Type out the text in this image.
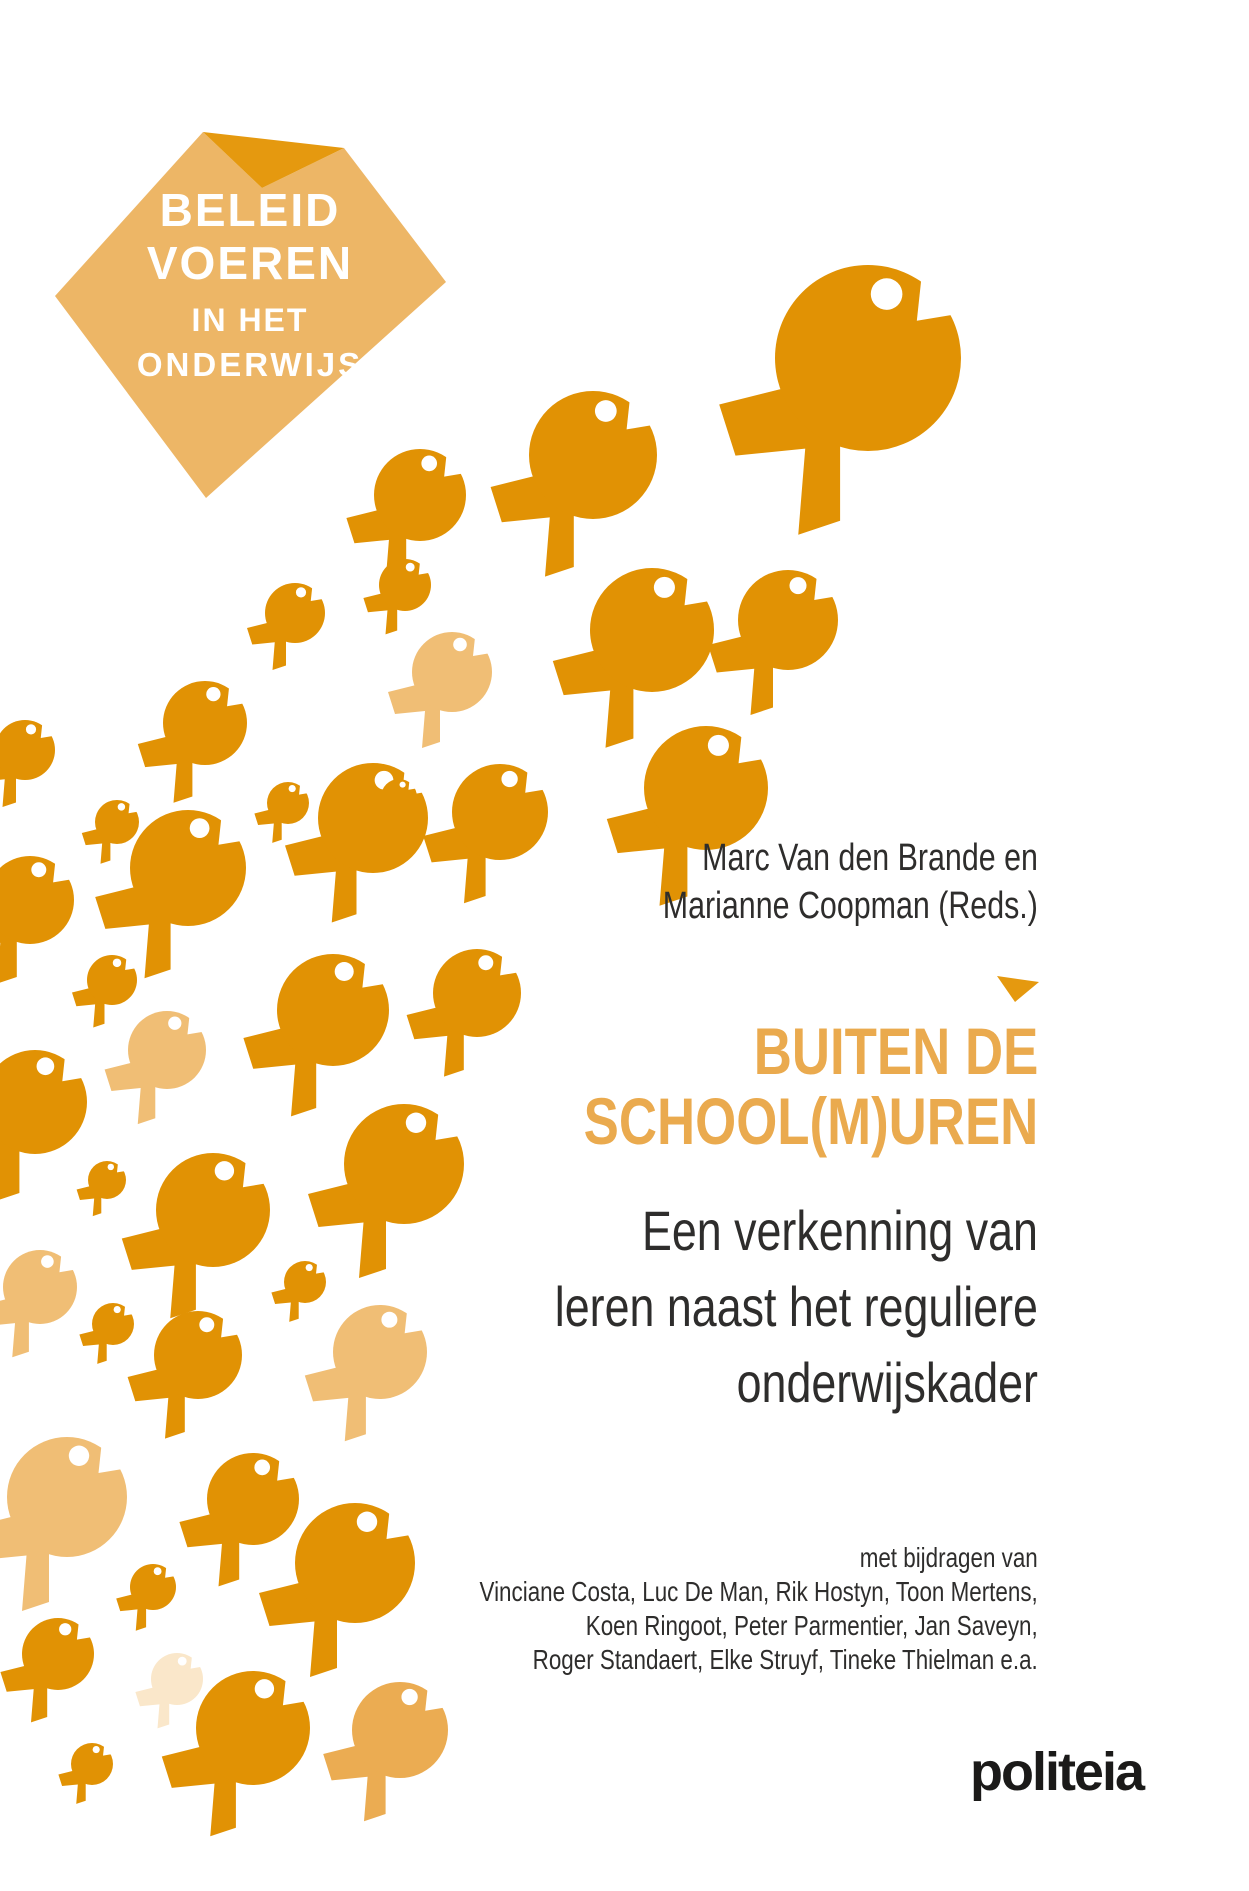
BELEID
VOEREN
IN HET
ONDERWIJS
Marc Van den Brande en
Marianne Coopman (Reds.)
BUITEN DE
SCHOOL(M)UREN
Een verkenning van
leren naast het reguliere
onderwijskader
met bijdragen van
Vinciane Costa, Luc De Man, Rik Hostyn, Toon Mertens,
Koen Ringoot, Peter Parmentier, Jan Saveyn,
Roger Standaert, Elke Struyf, Tineke Thielman e.a.
politeia
